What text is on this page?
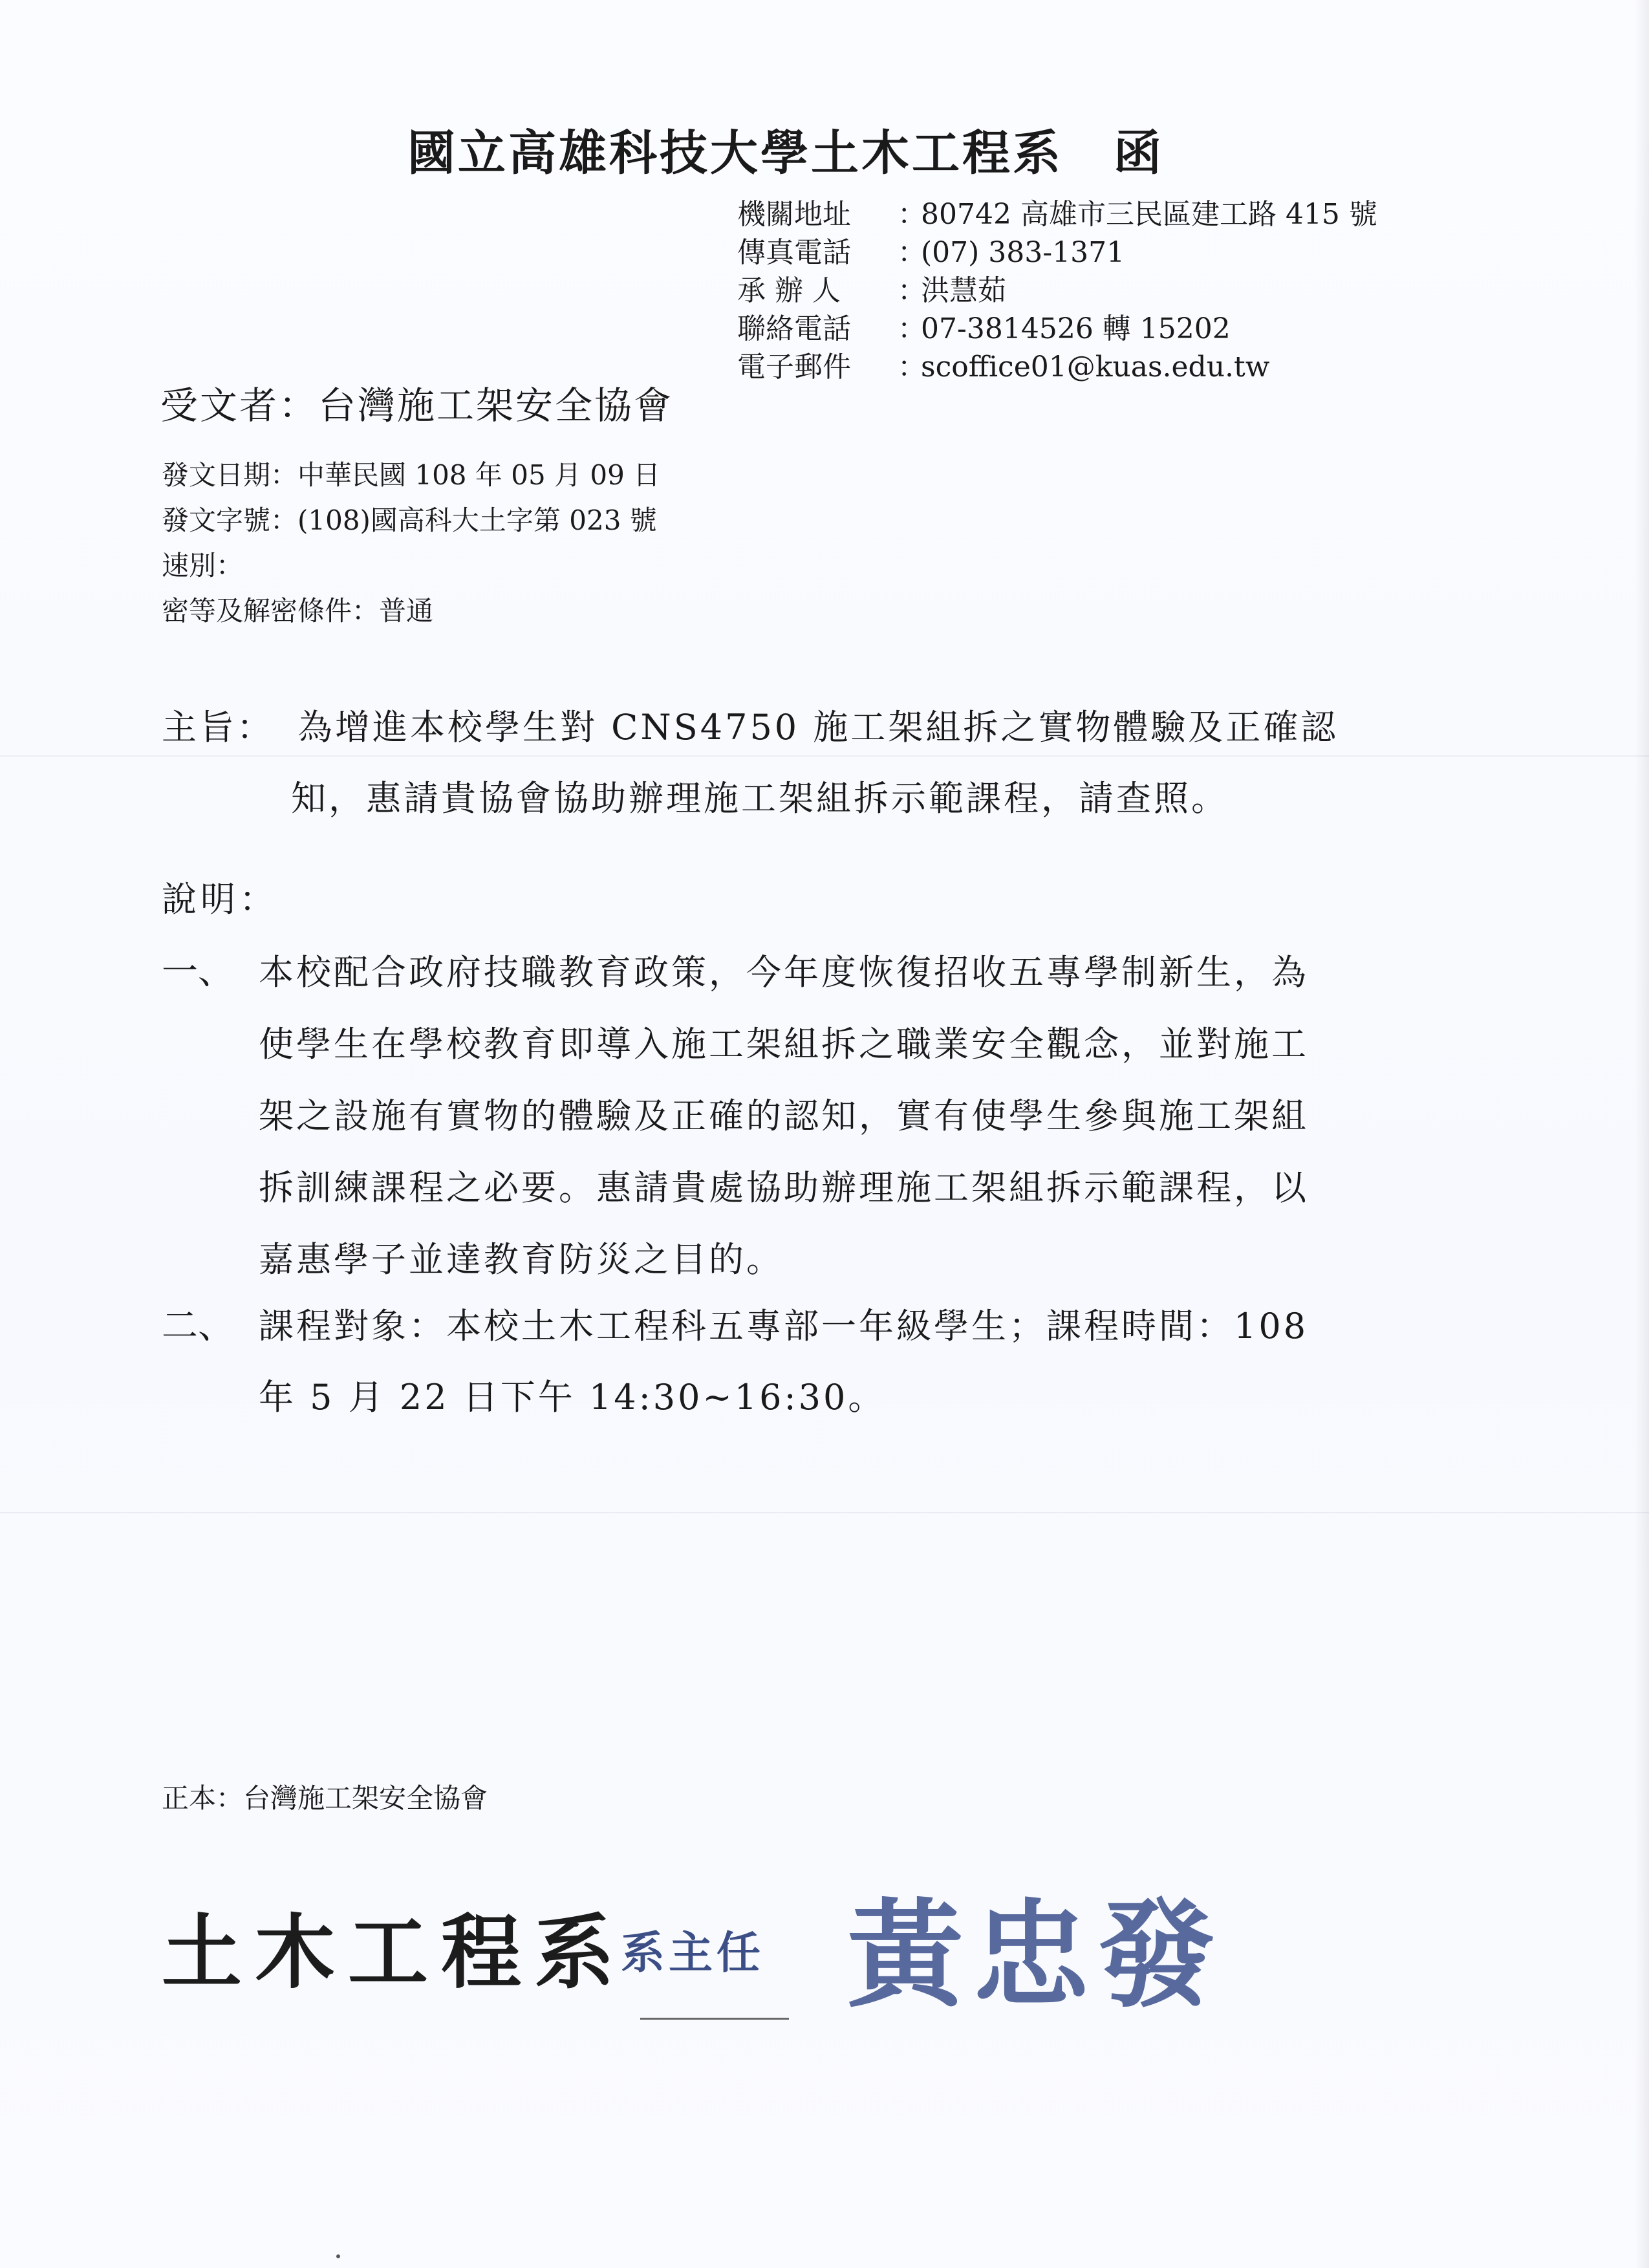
國立高雄科技大學土木工程系　函
機關地址 ：80742 高雄市三民區建工路 415 號
傳真電話 ：(07) 383-1371
承 辦 人 ：洪慧茹
聯絡電話 ：07-3814526 轉 15202
電子郵件 ：scoffice01@kuas.edu.tw
受文者：台灣施工架安全協會
發文日期：中華民國 108 年 05 月 09 日
發文字號：(108)國高科大土字第 023 號
速別：
密等及解密條件：普通
主旨： 為增進本校學生對 CNS4750 施工架組拆之實物體驗及正確認
知，惠請貴協會協助辦理施工架組拆示範課程，請查照。
說明：
一、 本校配合政府技職教育政策，今年度恢復招收五專學制新生，為
使學生在學校教育即導入施工架組拆之職業安全觀念，並對施工
架之設施有實物的體驗及正確的認知，實有使學生參與施工架組
拆訓練課程之必要。惠請貴處協助辦理施工架組拆示範課程，以
嘉惠學子並達教育防災之目的。
二、 課程對象：本校土木工程科五專部一年級學生；課程時間：108
年 5 月 22 日下午 14:30~16:30。
正本：台灣施工架安全協會
土木工程系
系主任 黃忠發
